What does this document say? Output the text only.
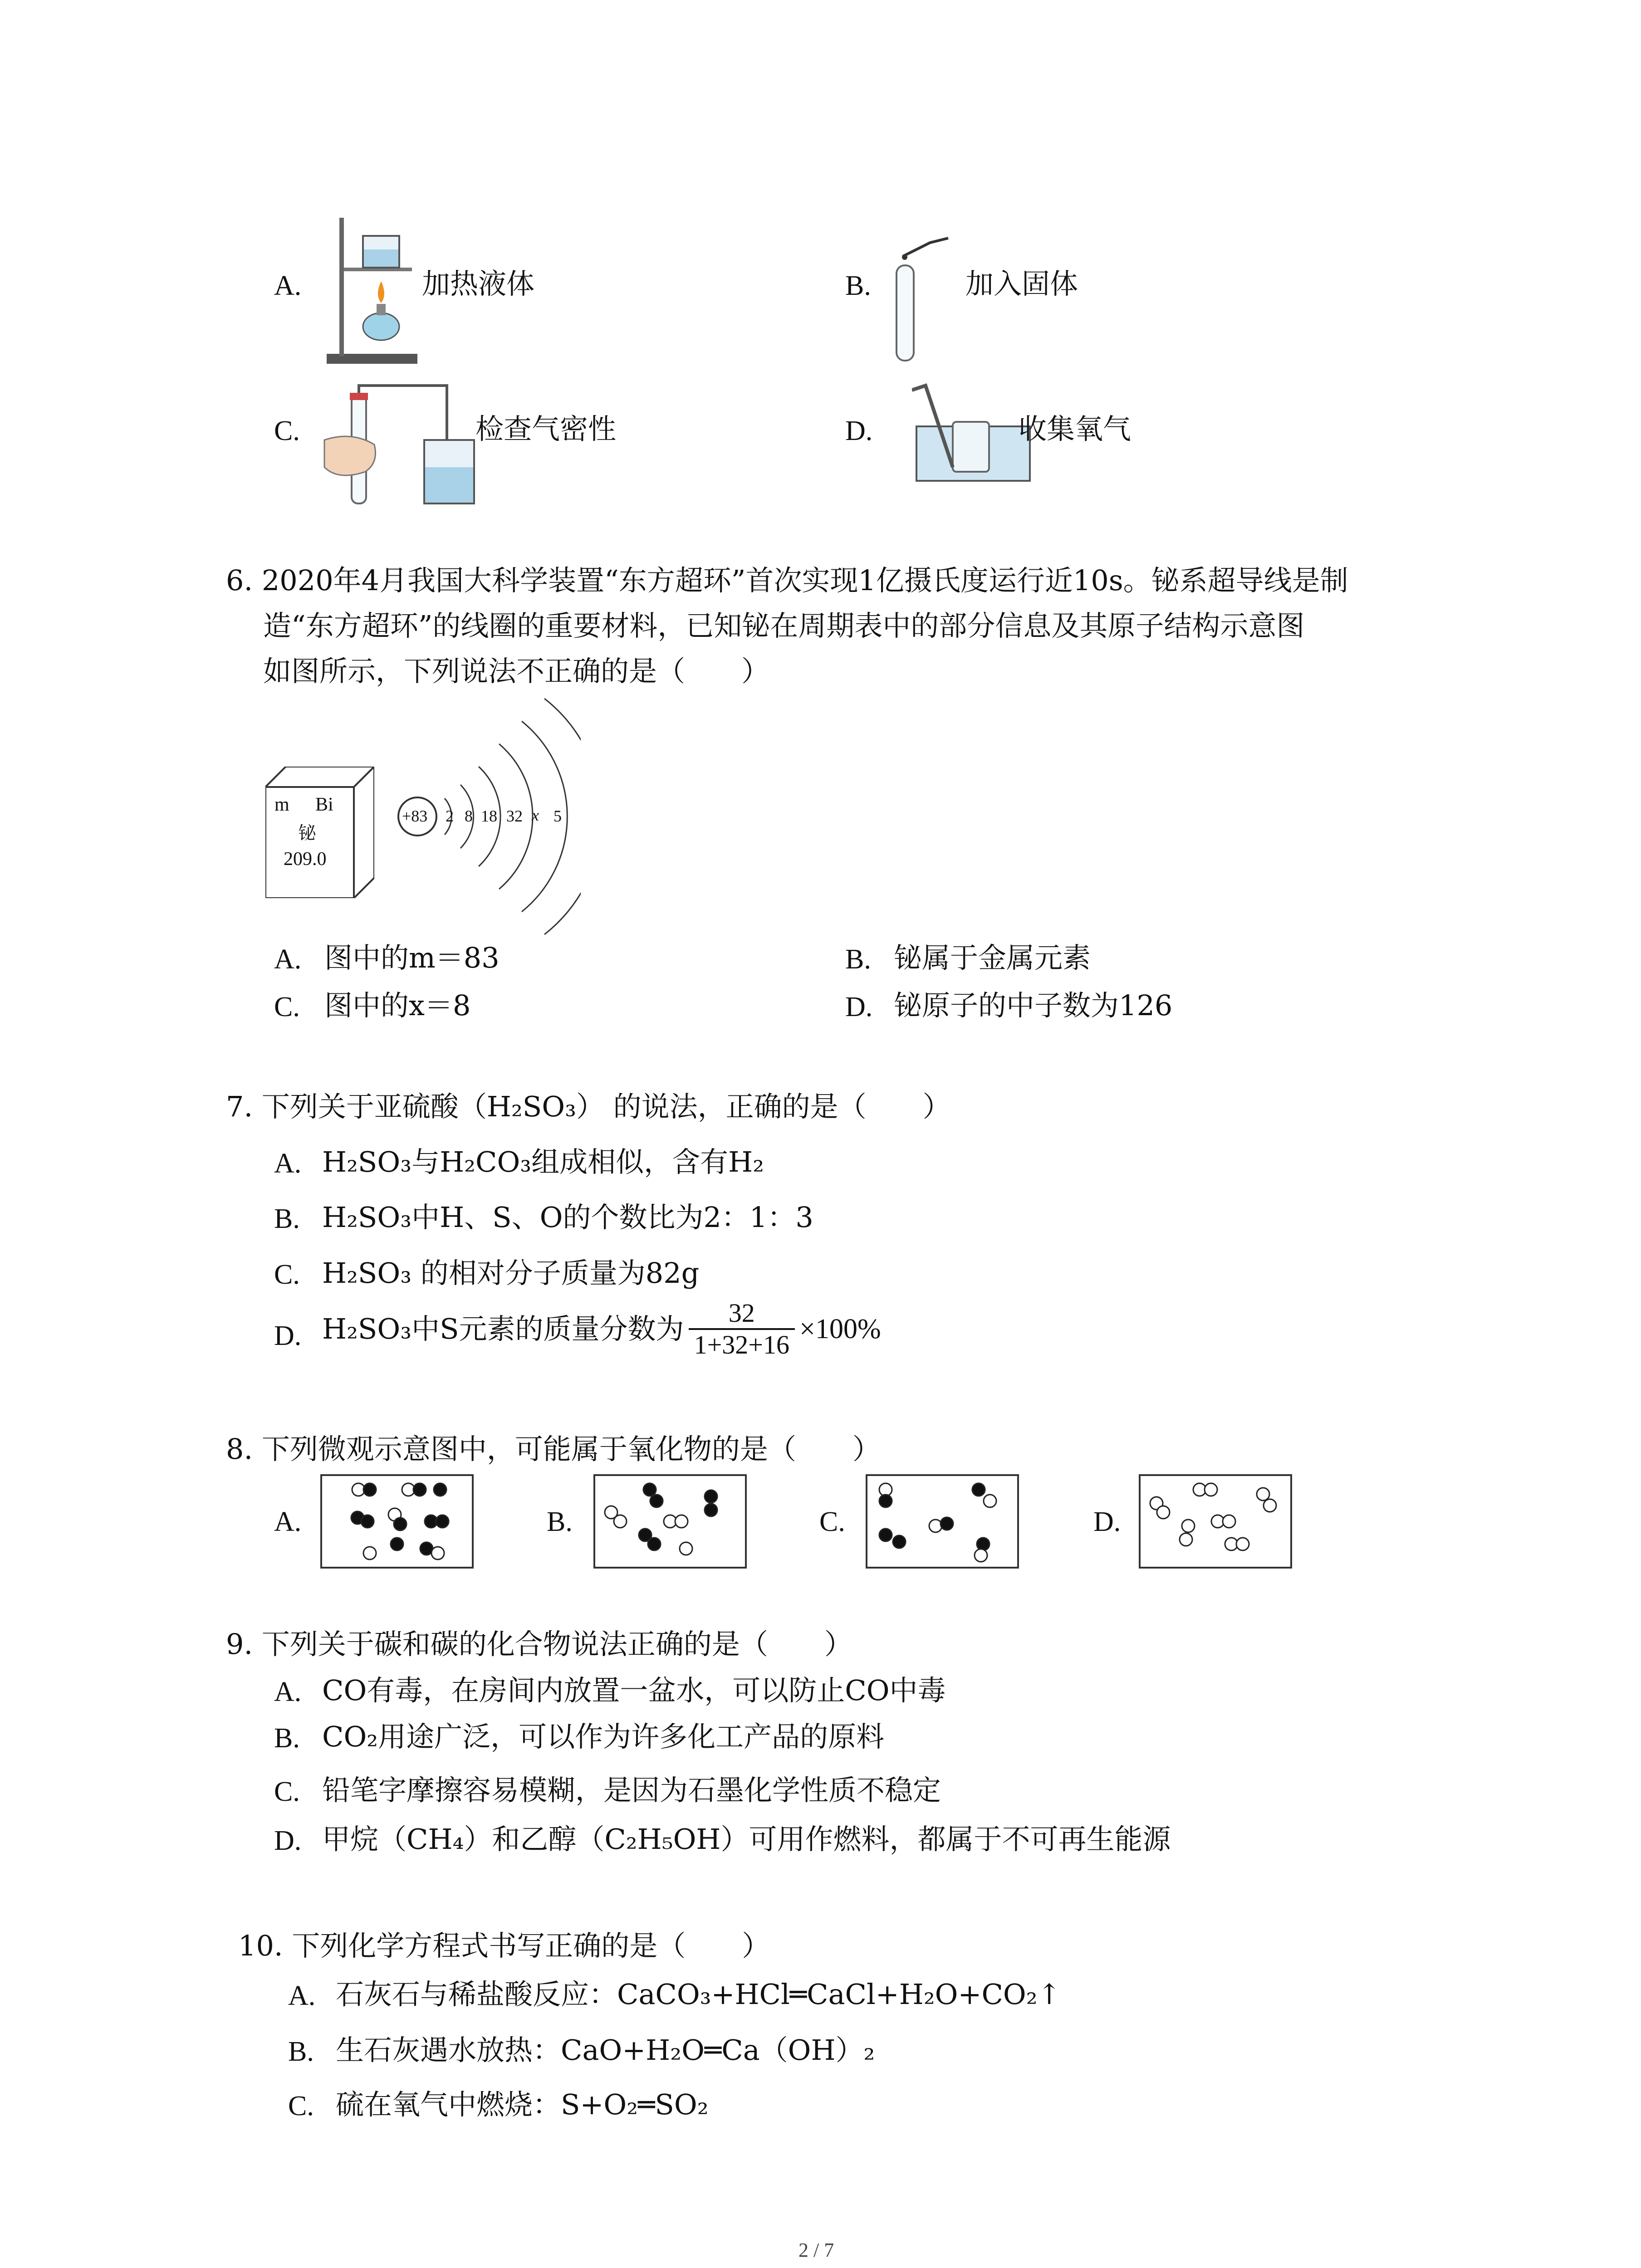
A.	加热液体	B.	加入固体
C.	检查气密性	D.	收集氧气
6. 2020年4月我国大科学装置“东方超环”首次实现1亿摄氏度运行近10s。铋系超导线是制
造“东方超环”的线圈的重要材料，已知铋在周期表中的部分信息及其原子结构示意图
如图所示，下列说法不正确的是（　　）
m Bi
铋
209.0
+83 2 8 18 32 x 5
A. 图中的m＝83	B. 铋属于金属元素
C. 图中的x＝8	D. 铋原子的中子数为126
7. 下列关于亚硫酸（H₂SO₃） 的说法，正确的是（　　）
A. H₂SO₃与H₂CO₃组成相似，含有H₂
B. H₂SO₃中H、S、O的个数比为2：1：3
C. H₂SO₃ 的相对分子质量为82g
D. H₂SO₃中S元素的质量分数为 $\frac{32}{1+32+16} \times 100\%$
8. 下列微观示意图中，可能属于氧化物的是（　　）
A.	B.	C.	D.
9. 下列关于碳和碳的化合物说法正确的是（　　）
A. CO有毒，在房间内放置一盆水，可以防止CO中毒
B. CO₂用途广泛，可以作为许多化工产品的原料
C. 铅笔字摩擦容易模糊，是因为石墨化学性质不稳定
D. 甲烷（CH₄）和乙醇（C₂H₅OH）可用作燃料，都属于不可再生能源
10. 下列化学方程式书写正确的是（　　）
A. 石灰石与稀盐酸反应：CaCO₃+HCl═CaCl+H₂O+CO₂↑
B. 生石灰遇水放热：CaO+H₂O═Ca（OH）₂
C. 硫在氧气中燃烧：S+O₂═SO₂
2 / 7
